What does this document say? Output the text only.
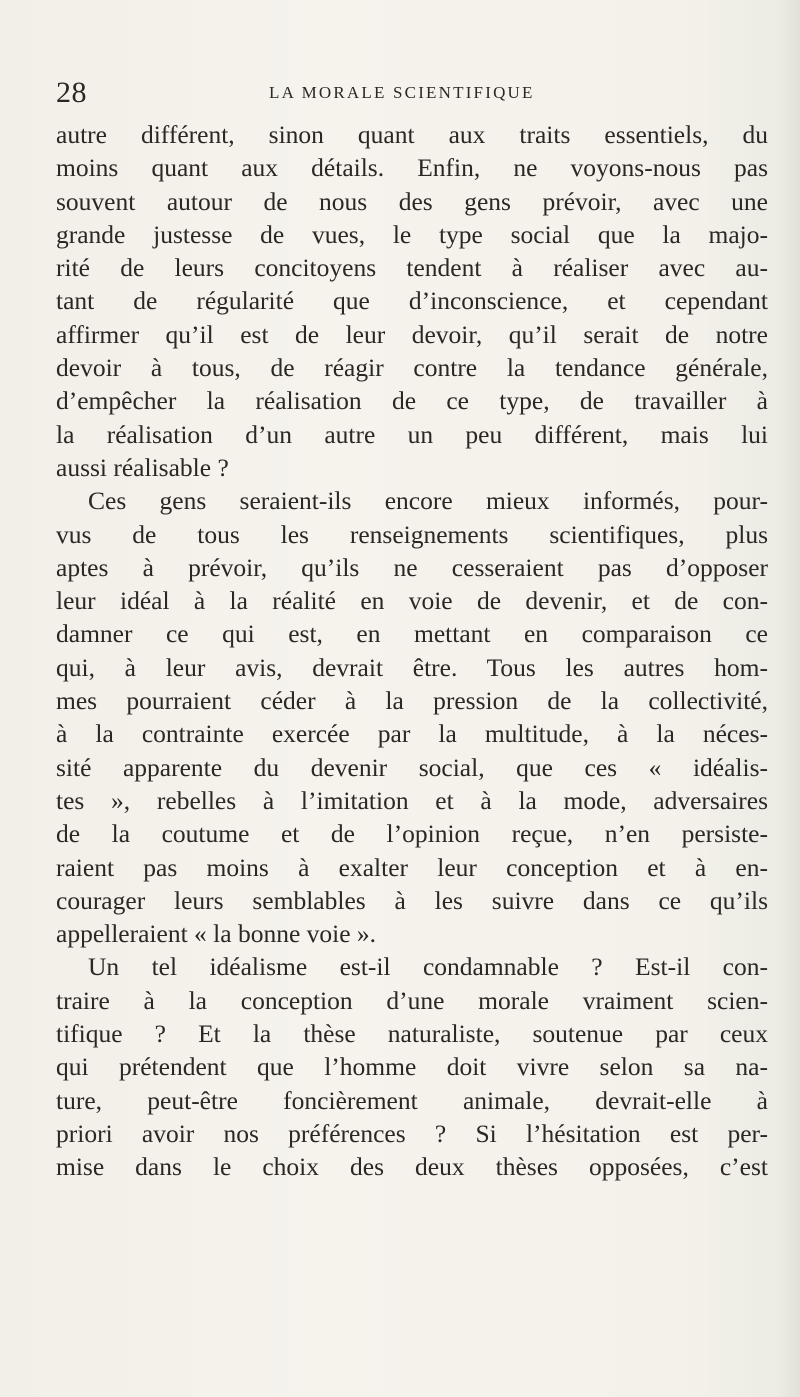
28	LA MORALE SCIENTIFIQUE
autre différent, sinon quant aux traits essentiels, du
moins quant aux détails. Enfin, ne voyons-nous pas
souvent autour de nous des gens prévoir, avec une
grande justesse de vues, le type social que la majo-
rité de leurs concitoyens tendent à réaliser avec au-
tant de régularité que d’inconscience, et cependant
affirmer qu’il est de leur devoir, qu’il serait de notre
devoir à tous, de réagir contre la tendance générale,
d’empêcher la réalisation de ce type, de travailler à
la réalisation d’un autre un peu différent, mais lui
aussi réalisable ?
Ces gens seraient-ils encore mieux informés, pour-
vus de tous les renseignements scientifiques, plus
aptes à prévoir, qu’ils ne cesseraient pas d’opposer
leur idéal à la réalité en voie de devenir, et de con-
damner ce qui est, en mettant en comparaison ce
qui, à leur avis, devrait être. Tous les autres hom-
mes pourraient céder à la pression de la collectivité,
à la contrainte exercée par la multitude, à la néces-
sité apparente du devenir social, que ces « idéalis-
tes », rebelles à l’imitation et à la mode, adversaires
de la coutume et de l’opinion reçue, n’en persiste-
raient pas moins à exalter leur conception et à en-
courager leurs semblables à les suivre dans ce qu’ils
appelleraient « la bonne voie ».
Un tel idéalisme est-il condamnable ? Est-il con-
traire à la conception d’une morale vraiment scien-
tifique ? Et la thèse naturaliste, soutenue par ceux
qui prétendent que l’homme doit vivre selon sa na-
ture, peut-être foncièrement animale, devrait-elle à
priori avoir nos préférences ? Si l’hésitation est per-
mise dans le choix des deux thèses opposées, c’est
